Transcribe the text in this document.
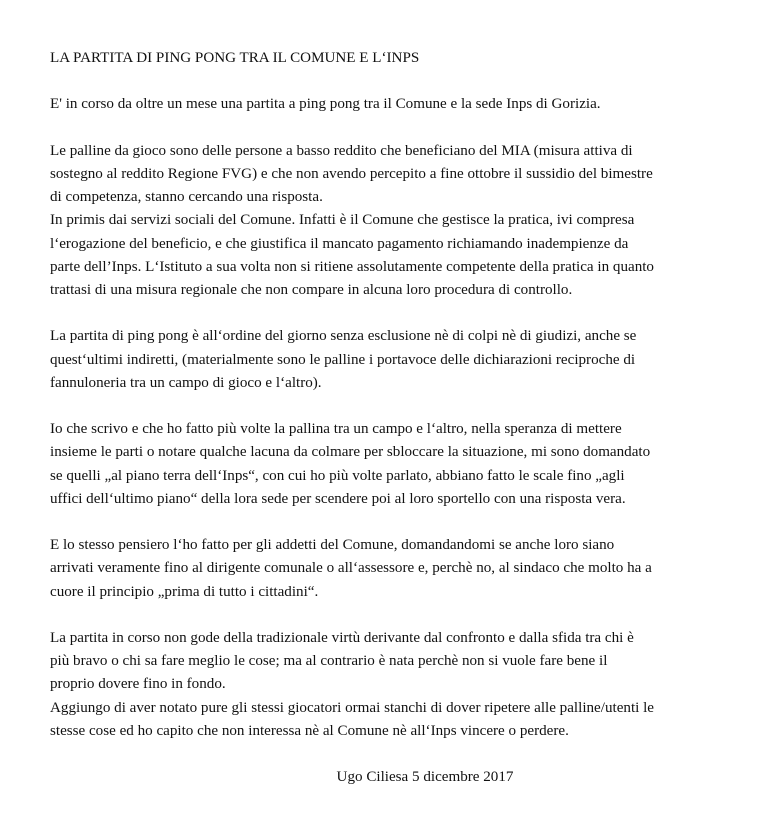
LA PARTITA DI PING PONG TRA IL COMUNE E L‘INPS

E' in corso da oltre un mese una partita a ping pong tra il Comune e la sede Inps di Gorizia.

Le palline da gioco sono delle persone a basso reddito che beneficiano del MIA (misura attiva di
sostegno al reddito Regione FVG) e che non avendo percepito a fine ottobre il sussidio del bimestre
di competenza, stanno cercando una risposta.
In primis dai servizi sociali del Comune. Infatti è il Comune che gestisce la pratica, ivi compresa
l‘erogazione del beneficio, e che giustifica il mancato pagamento richiamando inadempienze da
parte dell’Inps. L‘Istituto a sua volta non si ritiene assolutamente competente della pratica in quanto
trattasi di una misura regionale che non compare in alcuna loro procedura di controllo.

La partita di ping pong è all‘ordine del giorno senza esclusione nè di colpi nè di giudizi, anche se
quest‘ultimi indiretti, (materialmente sono le palline i portavoce delle dichiarazioni reciproche di
fannuloneria tra un campo di gioco e l‘altro).

Io che scrivo e che ho fatto più volte la pallina tra un campo e l‘altro, nella speranza di mettere
insieme le parti o notare qualche lacuna da colmare per sbloccare la situazione, mi sono domandato
se quelli „al piano terra dell‘Inps“, con cui ho più volte parlato, abbiano fatto le scale fino „agli
uffici dell‘ultimo piano“ della lora sede per scendere poi al loro sportello con una risposta vera.

E lo stesso pensiero l‘ho fatto per gli addetti del Comune, domandandomi se anche loro siano
arrivati veramente fino al dirigente comunale o all‘assessore e, perchè no, al sindaco che molto ha a
cuore il principio „prima di tutto i cittadini“.

La partita in corso non gode della tradizionale virtù derivante dal confronto e dalla sfida tra chi è
più bravo o chi sa fare meglio le cose; ma al contrario è nata perchè non si vuole fare bene il
proprio dovere fino in fondo.
Aggiungo di aver notato pure gli stessi giocatori ormai stanchi di dover ripetere alle palline/utenti le
stesse cose ed ho capito che non interessa nè al Comune nè all‘Inps vincere o perdere.

Ugo Ciliesa 5 dicembre 2017
